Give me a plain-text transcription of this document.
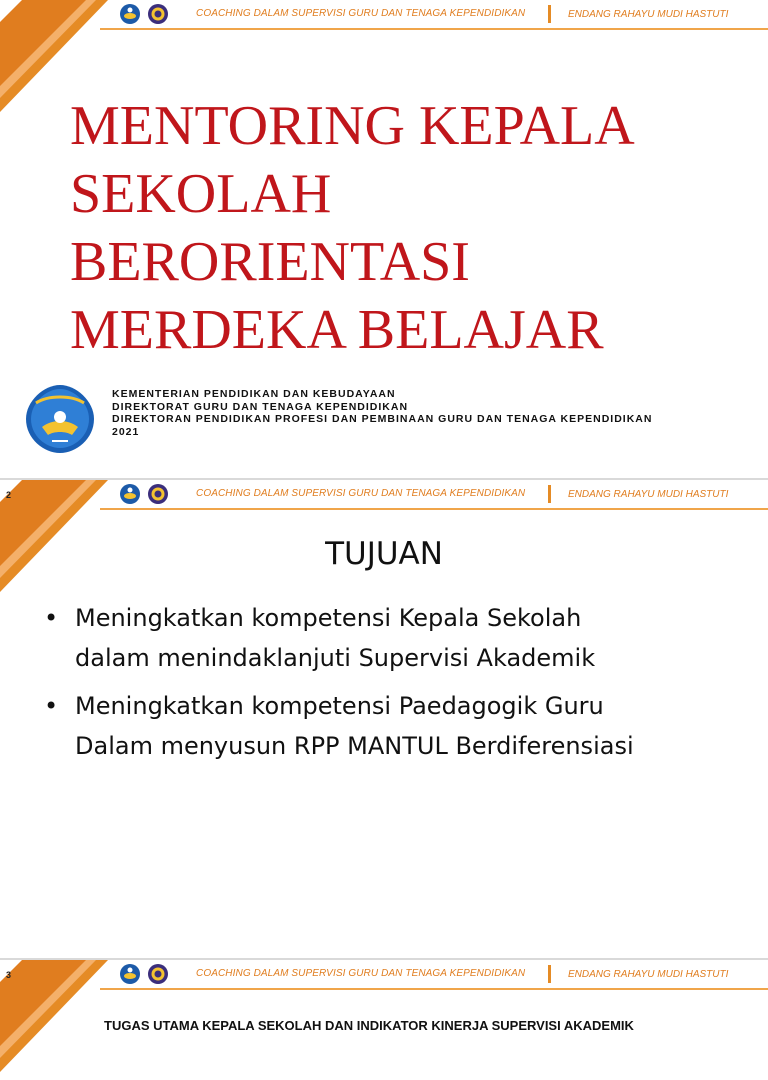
COACHING DALAM SUPERVISI GURU DAN TENAGA KEPENDIDIKAN	ENDANG RAHAYU MUDI HASTUTI
MENTORING KEPALA
SEKOLAH
BERORIENTASI
MERDEKA BELAJAR
KEMENTERIAN PENDIDIKAN DAN KEBUDAYAAN
DIREKTORAT GURU DAN TENAGA KEPENDIDIKAN
DIREKTORAN PENDIDIKAN PROFESI DAN PEMBINAAN GURU DAN TENAGA KEPENDIDIKAN
2021
2	COACHING DALAM SUPERVISI GURU DAN TENAGA KEPENDIDIKAN	ENDANG RAHAYU MUDI HASTUTI
TUJUAN
• Meningkatkan kompetensi Kepala Sekolah
dalam menindaklanjuti Supervisi Akademik
• Meningkatkan kompetensi Paedagogik Guru
Dalam menyusun RPP MANTUL Berdiferensiasi
3	COACHING DALAM SUPERVISI GURU DAN TENAGA KEPENDIDIKAN	ENDANG RAHAYU MUDI HASTUTI
TUGAS UTAMA KEPALA SEKOLAH DAN INDIKATOR KINERJA SUPERVISI AKADEMIK
